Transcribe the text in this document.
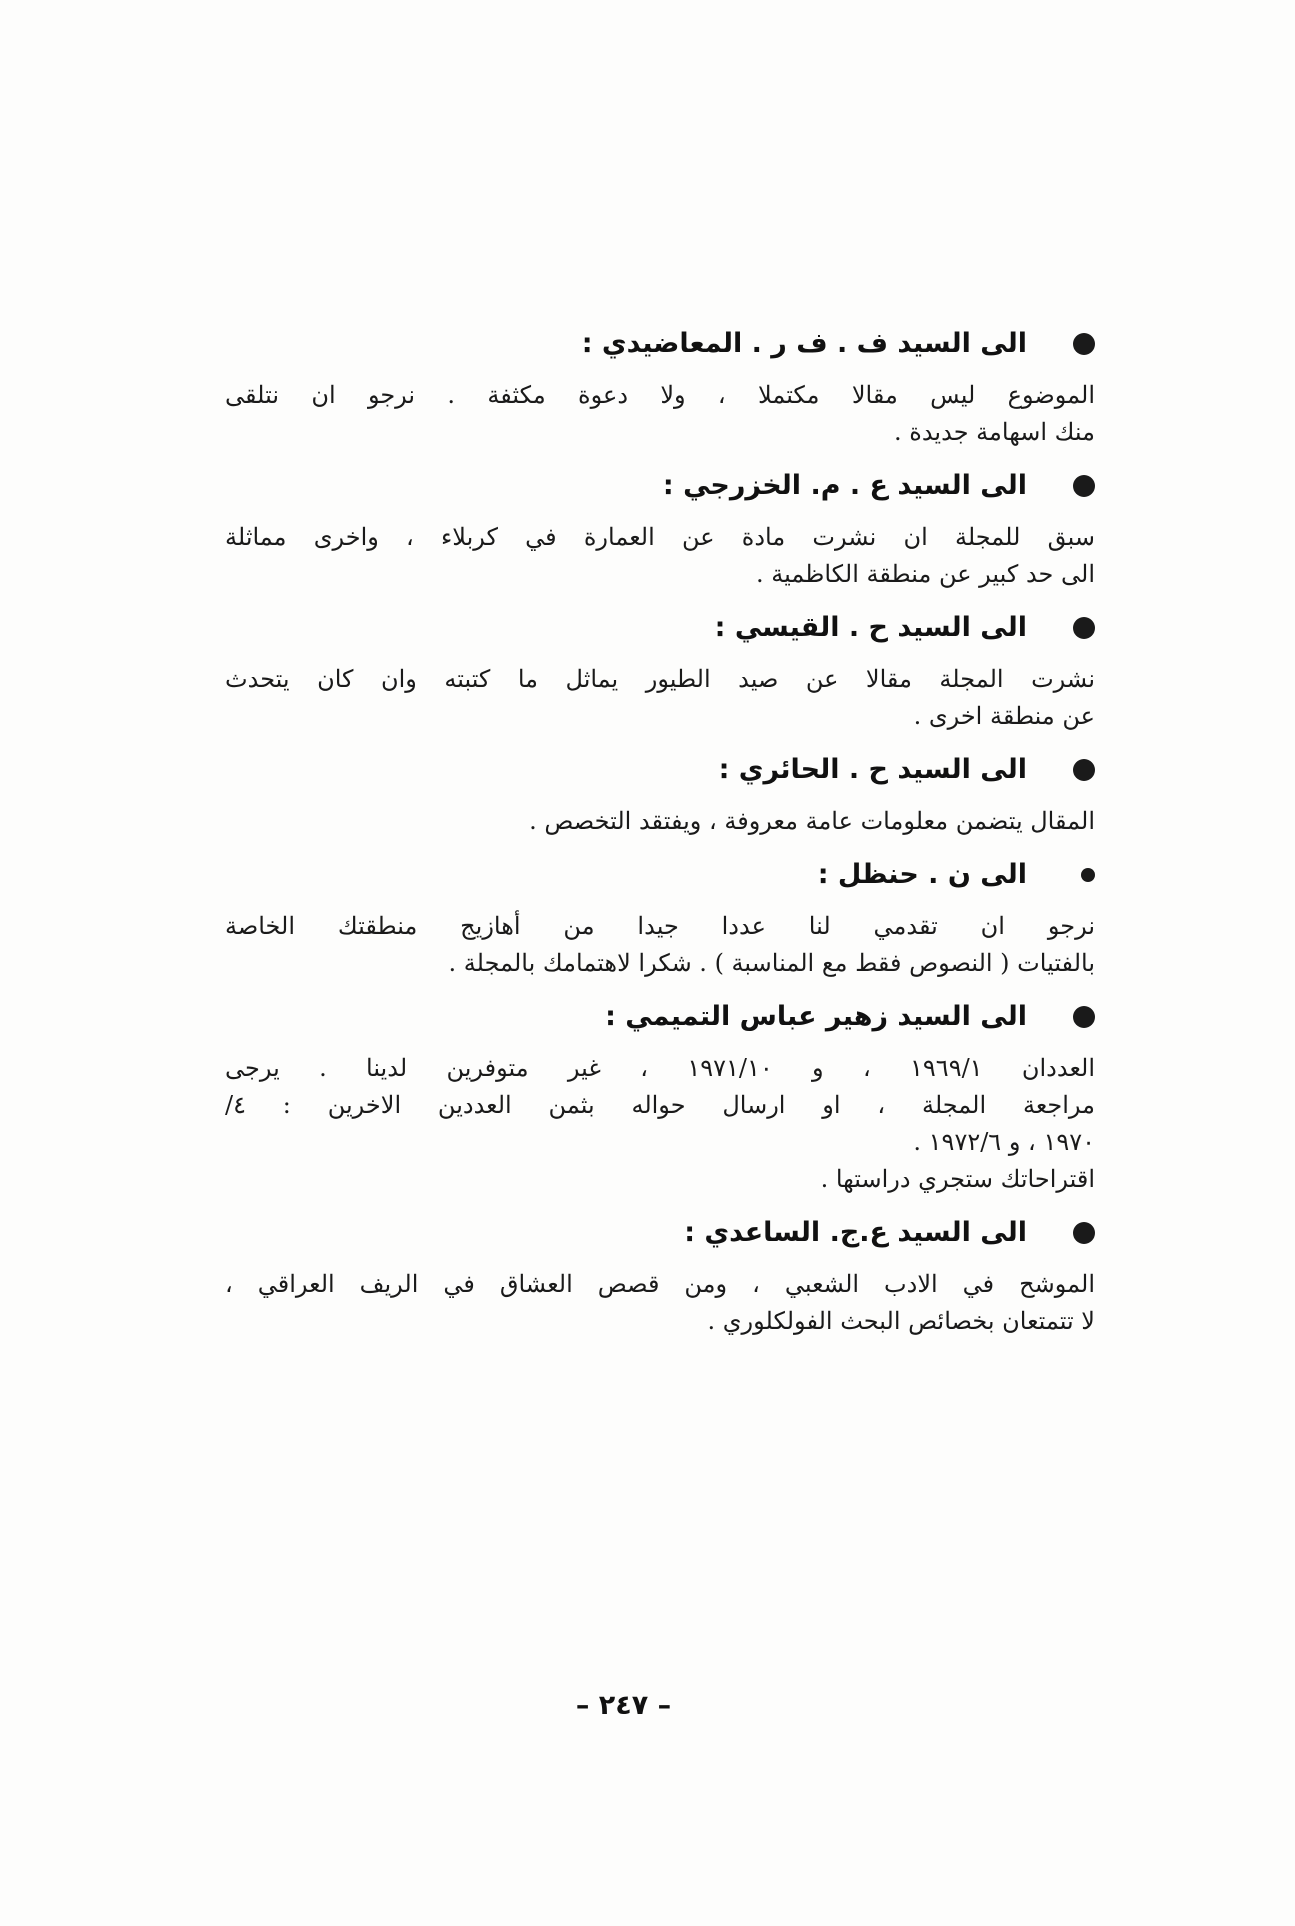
الى السيد ف . ف ر . المعاضيدي :
الموضوع ليس مقالا مكتملا ، ولا دعوة مكثفة . نرجو ان نتلقى
منك اسهامة جديدة .
الى السيد ع . م. الخزرجي :
سبق للمجلة ان نشرت مادة عن العمارة في كربلاء ، واخرى مماثلة
الى حد كبير عن منطقة الكاظمية .
الى السيد ح . القيسي :
نشرت المجلة مقالا عن صيد الطيور يماثل ما كتبته وان كان يتحدث
عن منطقة اخرى .
الى السيد ح . الحائري :
المقال يتضمن معلومات عامة معروفة ، ويفتقد التخصص .
الى ن . حنظل :
نرجو ان تقدمي لنا عددا جيدا من أهازيج منطقتك الخاصة
بالفتيات ( النصوص فقط مع المناسبة ) . شكرا لاهتمامك بالمجلة .
الى السيد زهير عباس التميمي :
العددان ١٩٦٩/١ ، و ١٩٧١/١٠ ، غير متوفرين لدينا . يرجى
مراجعة المجلة ، او ارسال حواله بثمن العددين الاخرين : ٤/
١٩٧٠ ، و ١٩٧٢/٦ .
اقتراحاتك ستجري دراستها .
الى السيد ع.ج. الساعدي :
الموشح في الادب الشعبي ، ومن قصص العشاق في الريف العراقي ،
لا تتمتعان بخصائص البحث الفولكلوري .
– ٢٤٧ –
